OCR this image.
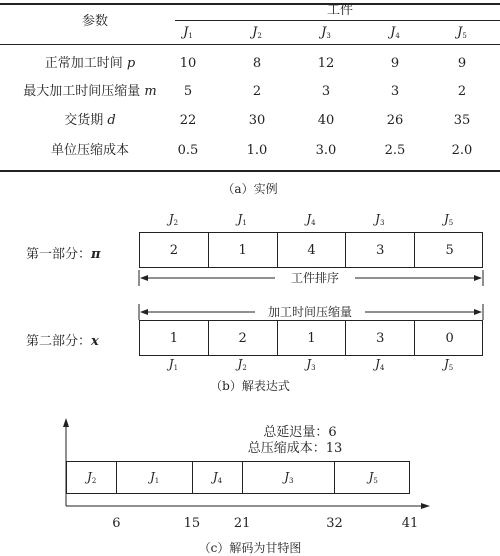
参数
工件
$J_1$	$J_2$	$J_3$	$J_4$	$J_5$
正常加工时间 p	10	8	12	9	9
最大加工时间压缩量 m	5	2	3	3	2
交货期 d	22	30	40	26	35
单位压缩成本	0.5	1.0	3.0	2.5	2.0
（a）实例
$J_2$	$J_1$	$J_4$	$J_3$	$J_5$
第一部分：π	2	1	4	3	5
工件排序
加工时间压缩量
第二部分：x	1	2	1	3	0
$J_1$	$J_2$	$J_3$	$J_4$	$J_5$
（b）解表达式
总延迟量：6
总压缩成本：13
$J_2$	$J_1$	$J_4$	$J_3$	$J_5$
6	15	21	32	41
（c）解码为甘特图
